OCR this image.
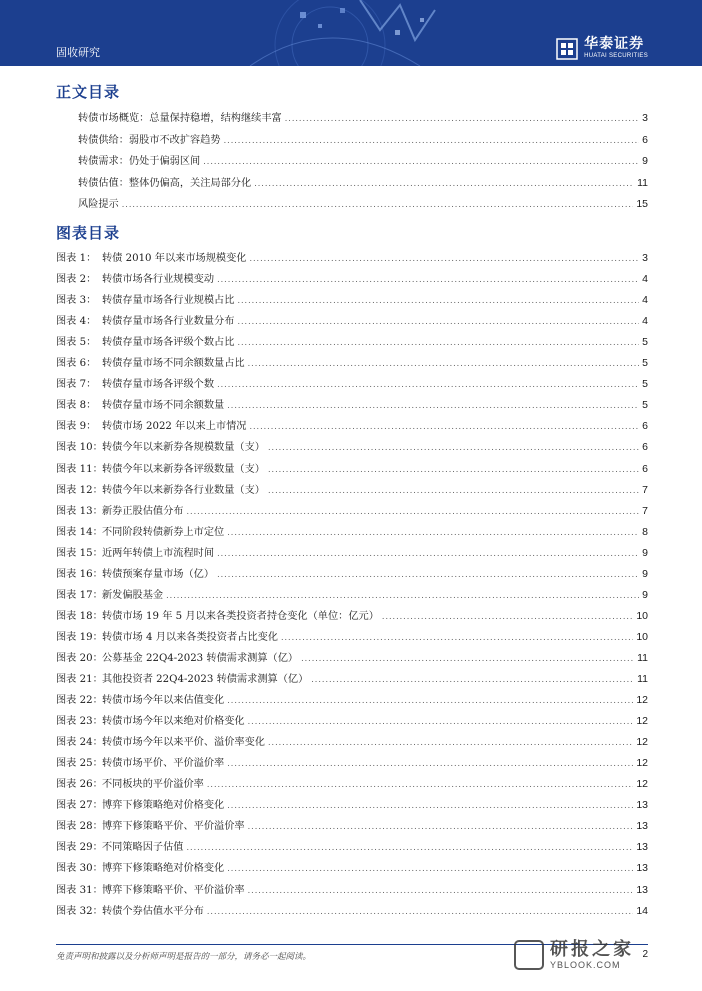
固收研究
华泰证券
HUATAI SECURITIES
正文目录
转债市场概览：总量保持稳增，结构继续丰富 .....	3
转债供给：弱股市不改扩容趋势 .....	6
转债需求：仍处于偏弱区间 .....	9
转债估值：整体仍偏高，关注局部分化 .....	11
风险提示 .....	15
图表目录
图表 1： 转债 2010 年以来市场规模变化 .....	3
图表 2： 转债市场各行业规模变动 .....	4
图表 3： 转债存量市场各行业规模占比 .....	4
图表 4： 转债存量市场各行业数量分布 .....	4
图表 5： 转债存量市场各评级个数占比 .....	5
图表 6： 转债存量市场不同余额数量占比 .....	5
图表 7： 转债存量市场各评级个数 .....	5
图表 8： 转债存量市场不同余额数量 .....	5
图表 9： 转债市场 2022 年以来上市情况 .....	6
图表 10：转债今年以来新券各规模数量（支） .....	6
图表 11：转债今年以来新券各评级数量（支） .....	6
图表 12：转债今年以来新券各行业数量（支） .....	7
图表 13：新券正股估值分布 .....	7
图表 14：不同阶段转债新券上市定位 .....	8
图表 15：近两年转债上市流程时间 .....	9
图表 16：转债预案存量市场（亿） .....	9
图表 17：新发偏股基金 .....	9
图表 18：转债市场 19 年 5 月以来各类投资者持仓变化（单位：亿元） .....	10
图表 19：转债市场 4 月以来各类投资者占比变化 .....	10
图表 20：公募基金 22Q4-2023 转债需求测算（亿） .....	11
图表 21：其他投资者 22Q4-2023 转债需求测算（亿） .....	11
图表 22：转债市场今年以来估值变化 .....	12
图表 23：转债市场今年以来绝对价格变化 .....	12
图表 24：转债市场今年以来平价、溢价率变化 .....	12
图表 25：转债市场平价、平价溢价率 .....	12
图表 26：不同板块的平价溢价率 .....	12
图表 27：博弈下修策略绝对价格变化 .....	13
图表 28：博弈下修策略平价、平价溢价率 .....	13
图表 29：不同策略因子估值 .....	13
图表 30：博弈下修策略绝对价格变化 .....	13
图表 31：博弈下修策略平价、平价溢价率 .....	13
图表 32：转债个券估值水平分布 .....	14
免责声明和披露以及分析师声明是报告的一部分，请务必一起阅读。	研报之家
YBLOOK.COM
2
